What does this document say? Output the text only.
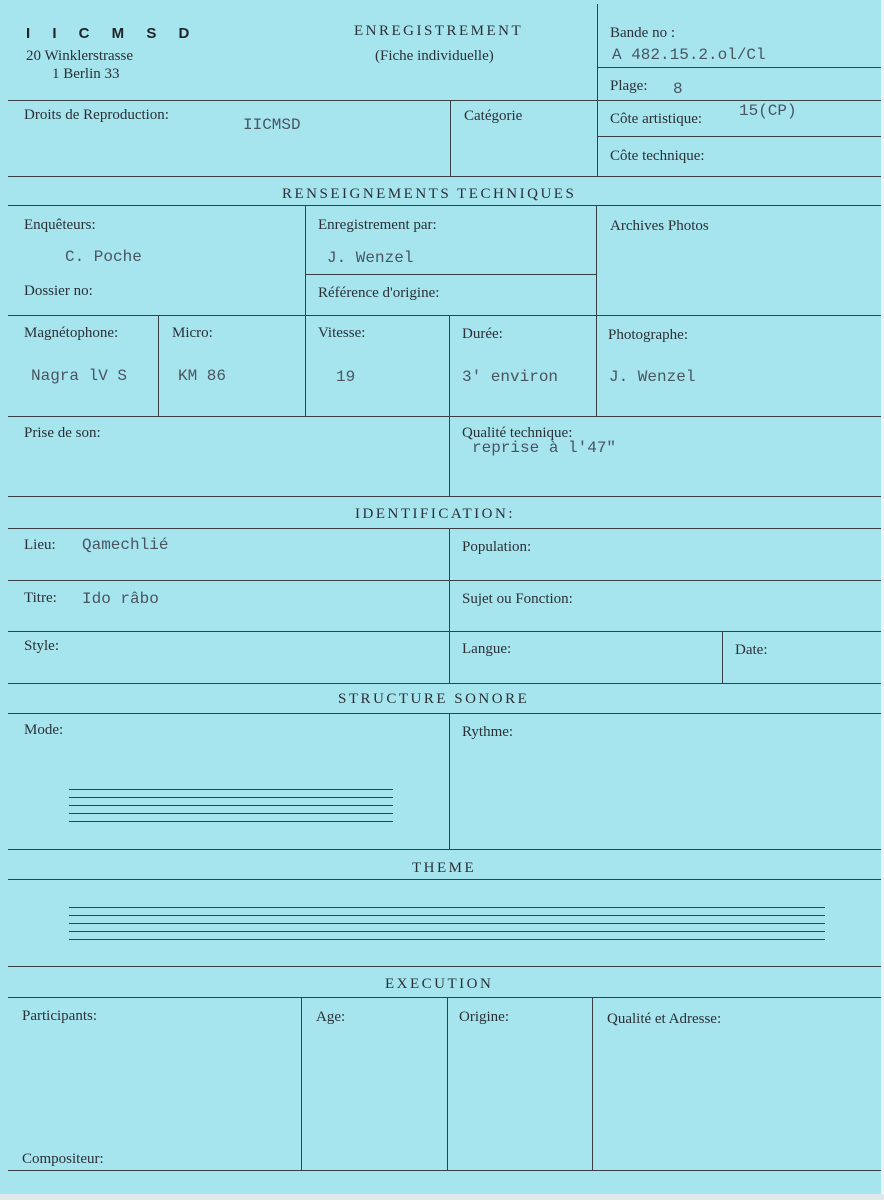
I I C M S D
20 Winklerstrasse
1 Berlin 33
ENREGISTREMENT
(Fiche individuelle)
Bande no :
A 482.15.2.ol/Cl
Plage: 8
Droits de Reproduction:
IICMSD	Catégorie	Côte artistique: 15(CP)
Côte technique:
RENSEIGNEMENTS TECHNIQUES
Enquêteurs:
C. Poche
Enregistrement par:
J. Wenzel
Archives Photos
Dossier no:	Référence d'origine:
Magnétophone:
Nagra lV S
Micro:
KM 86
Vitesse:
19
Durée:
3' environ
Photographe:
J. Wenzel
Prise de son:	Qualité technique:
reprise à l'47"
IDENTIFICATION:
Lieu: Qamechlié	Population:
Titre: Ido râbo	Sujet ou Fonction:
Style:	Langue:	Date:
STRUCTURE SONORE
Mode:	Rythme:
THEME
EXECUTION
Participants:	Age:	Origine:	Qualité et Adresse:
Compositeur:
